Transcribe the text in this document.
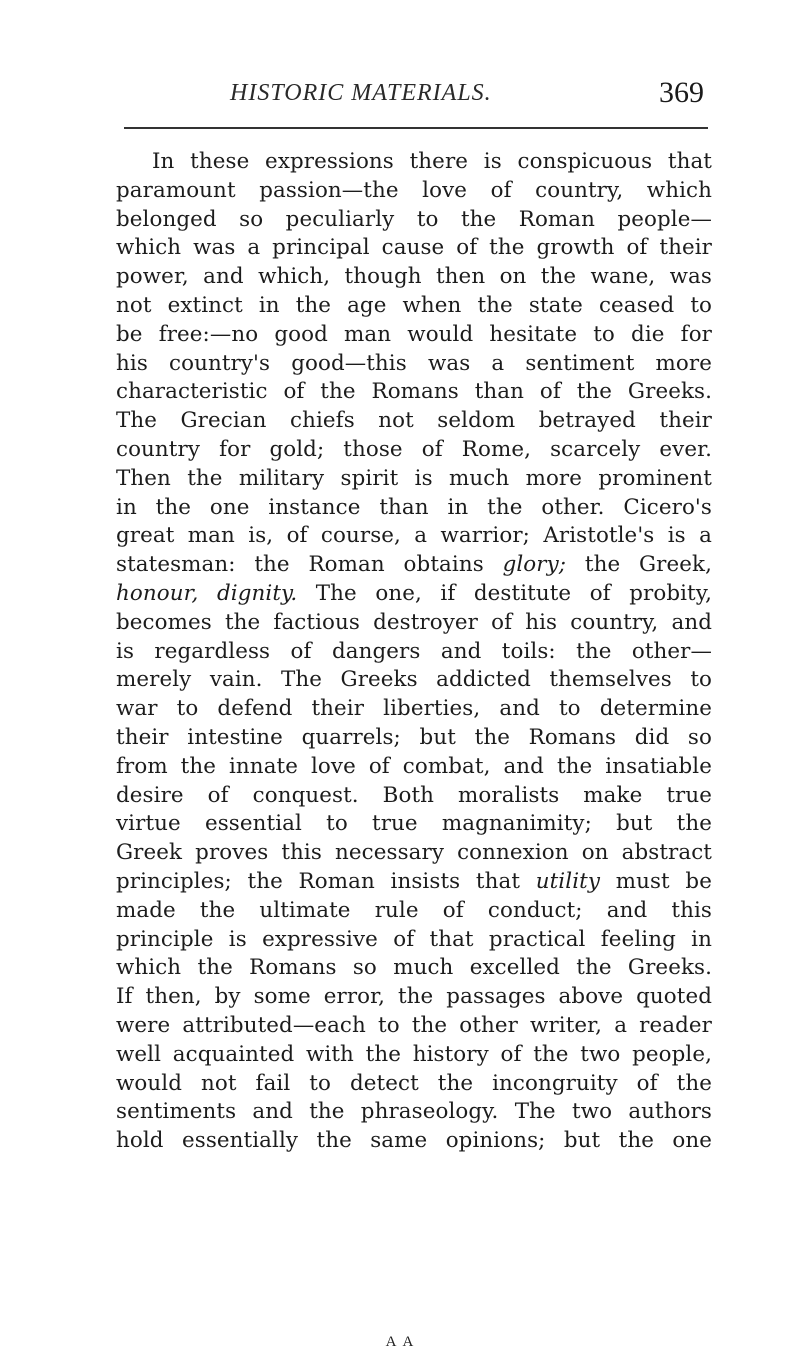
HISTORIC MATERIALS.	369
In these expressions there is conspicuous that
paramount passion—the love of country, which
belonged so peculiarly to the Roman people—
which was a principal cause of the growth of their
power, and which, though then on the wane, was
not extinct in the age when the state ceased to
be free:—no good man would hesitate to die for
his country's good—this was a sentiment more
characteristic of the Romans than of the Greeks.
The Grecian chiefs not seldom betrayed their
country for gold; those of Rome, scarcely ever.
Then the military spirit is much more prominent
in the one instance than in the other. Cicero's
great man is, of course, a warrior; Aristotle's is a
statesman: the Roman obtains glory; the Greek,
honour, dignity. The one, if destitute of probity,
becomes the factious destroyer of his country, and
is regardless of dangers and toils: the other—
merely vain. The Greeks addicted themselves to
war to defend their liberties, and to determine
their intestine quarrels; but the Romans did so
from the innate love of combat, and the insatiable
desire of conquest. Both moralists make true
virtue essential to true magnanimity; but the
Greek proves this necessary connexion on abstract
principles; the Roman insists that utility must be
made the ultimate rule of conduct; and this
principle is expressive of that practical feeling in
which the Romans so much excelled the Greeks.
If then, by some error, the passages above quoted
were attributed—each to the other writer, a reader
well acquainted with the history of the two people,
would not fail to detect the incongruity of the
sentiments and the phraseology. The two authors
hold essentially the same opinions; but the one
A A
